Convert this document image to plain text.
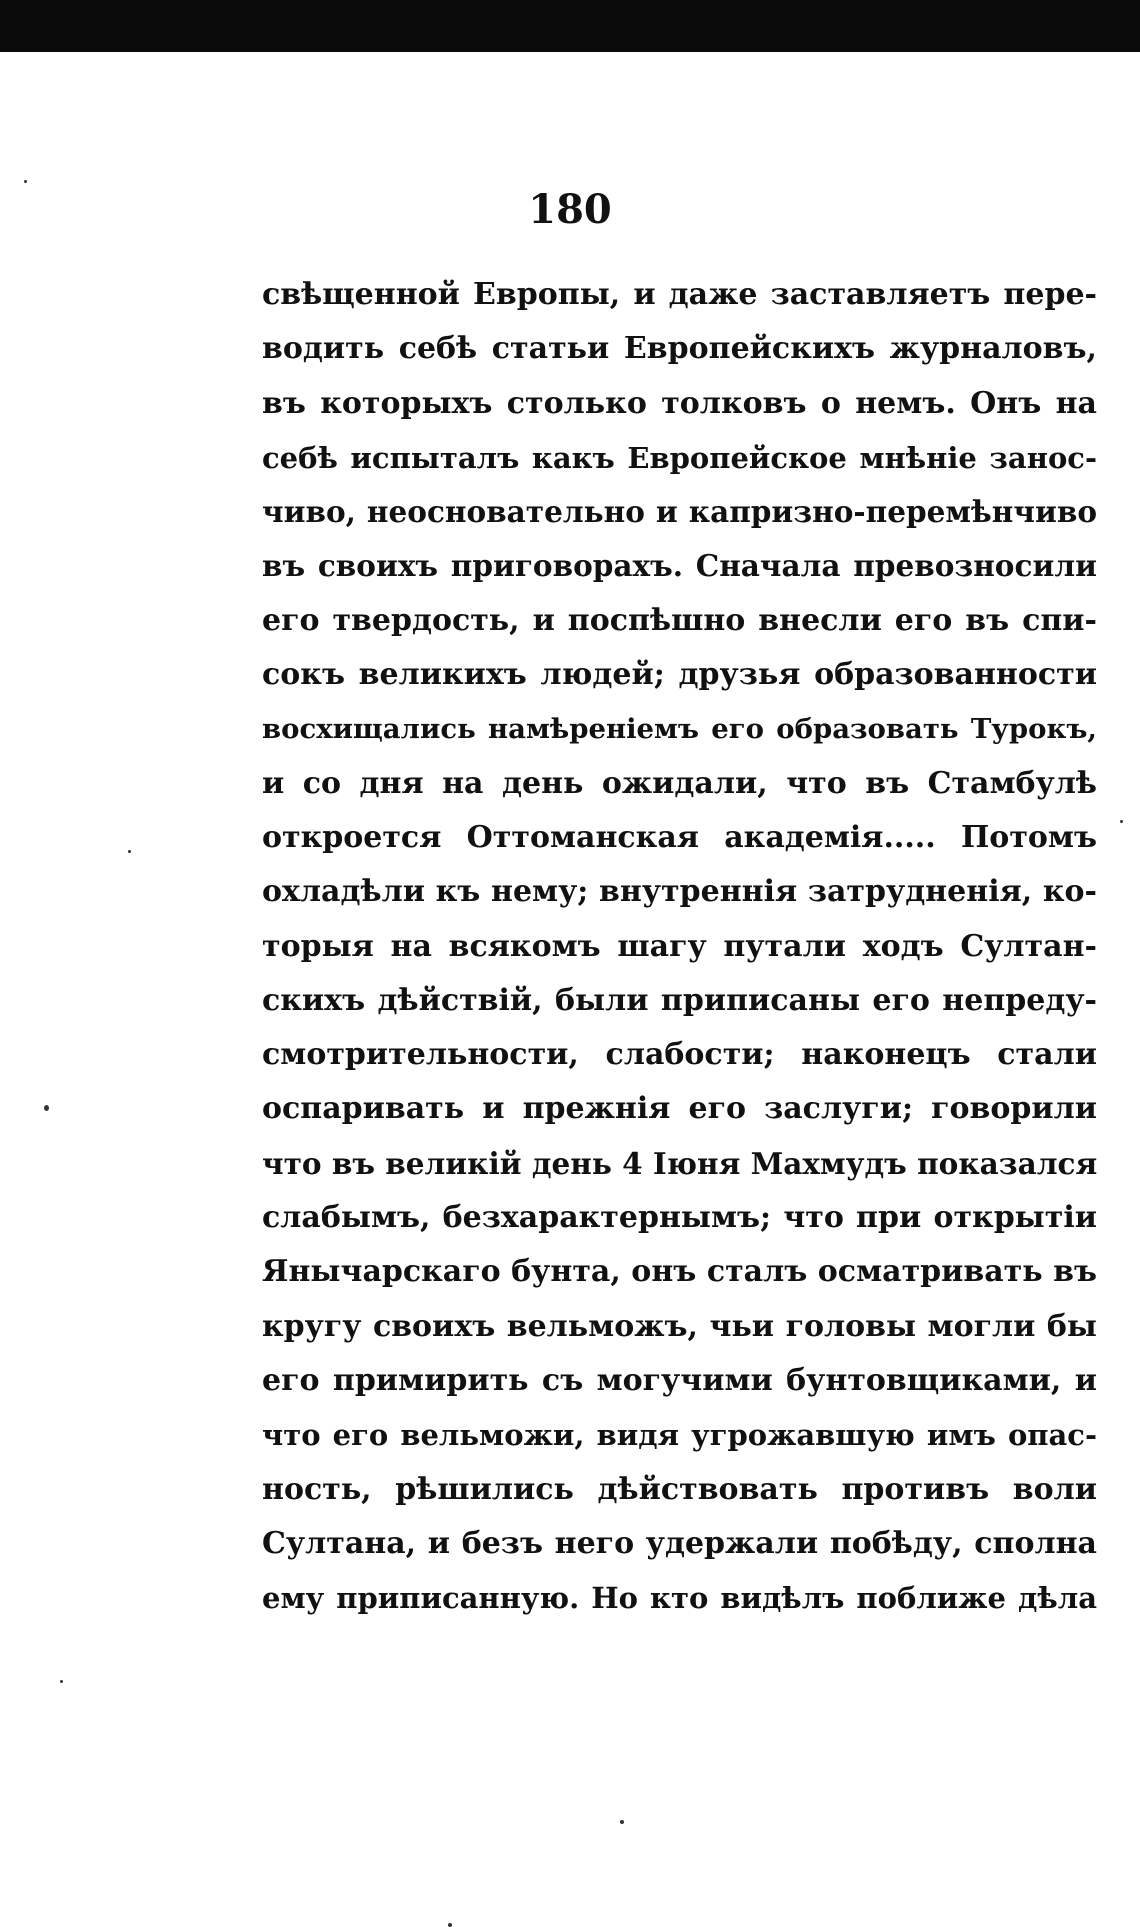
180
свѣщенной Европы, и даже заставляетъ пере-
водить себѣ статьи Европейскихъ журналовъ,
въ которыхъ столько толковъ о немъ. Онъ на
себѣ испыталъ какъ Европейское мнѣніе занос-
чиво, неосновательно и капризно-перемѣнчиво
въ своихъ приговорахъ. Сначала превозносили
его твердость, и поспѣшно внесли его въ спи-
сокъ великихъ людей; друзья образованности
восхищались намѣреніемъ его образовать Турокъ,
и со дня на день ожидали, что въ Стамбулѣ
откроется Оттоманская академія..... Потомъ
охладѣли къ нему; внутреннія затрудненія, ко-
торыя на всякомъ шагу путали ходъ Султан-
скихъ дѣйствій, были приписаны его непреду-
смотрительности, слабости; наконецъ стали
оспаривать и прежнія его заслуги; говорили
что въ великій день 4 Іюня Махмудъ показался
слабымъ, безхарактернымъ; что при открытіи
Янычарскаго бунта, онъ сталъ осматривать въ
кругу своихъ вельможъ, чьи головы могли бы
его примирить съ могучими бунтовщиками, и
что его вельможи, видя угрожавшую имъ опас-
ность, рѣшились дѣйствовать противъ воли
Султана, и безъ него удержали побѣду, сполна
ему приписанную. Но кто видѣлъ поближе дѣла
